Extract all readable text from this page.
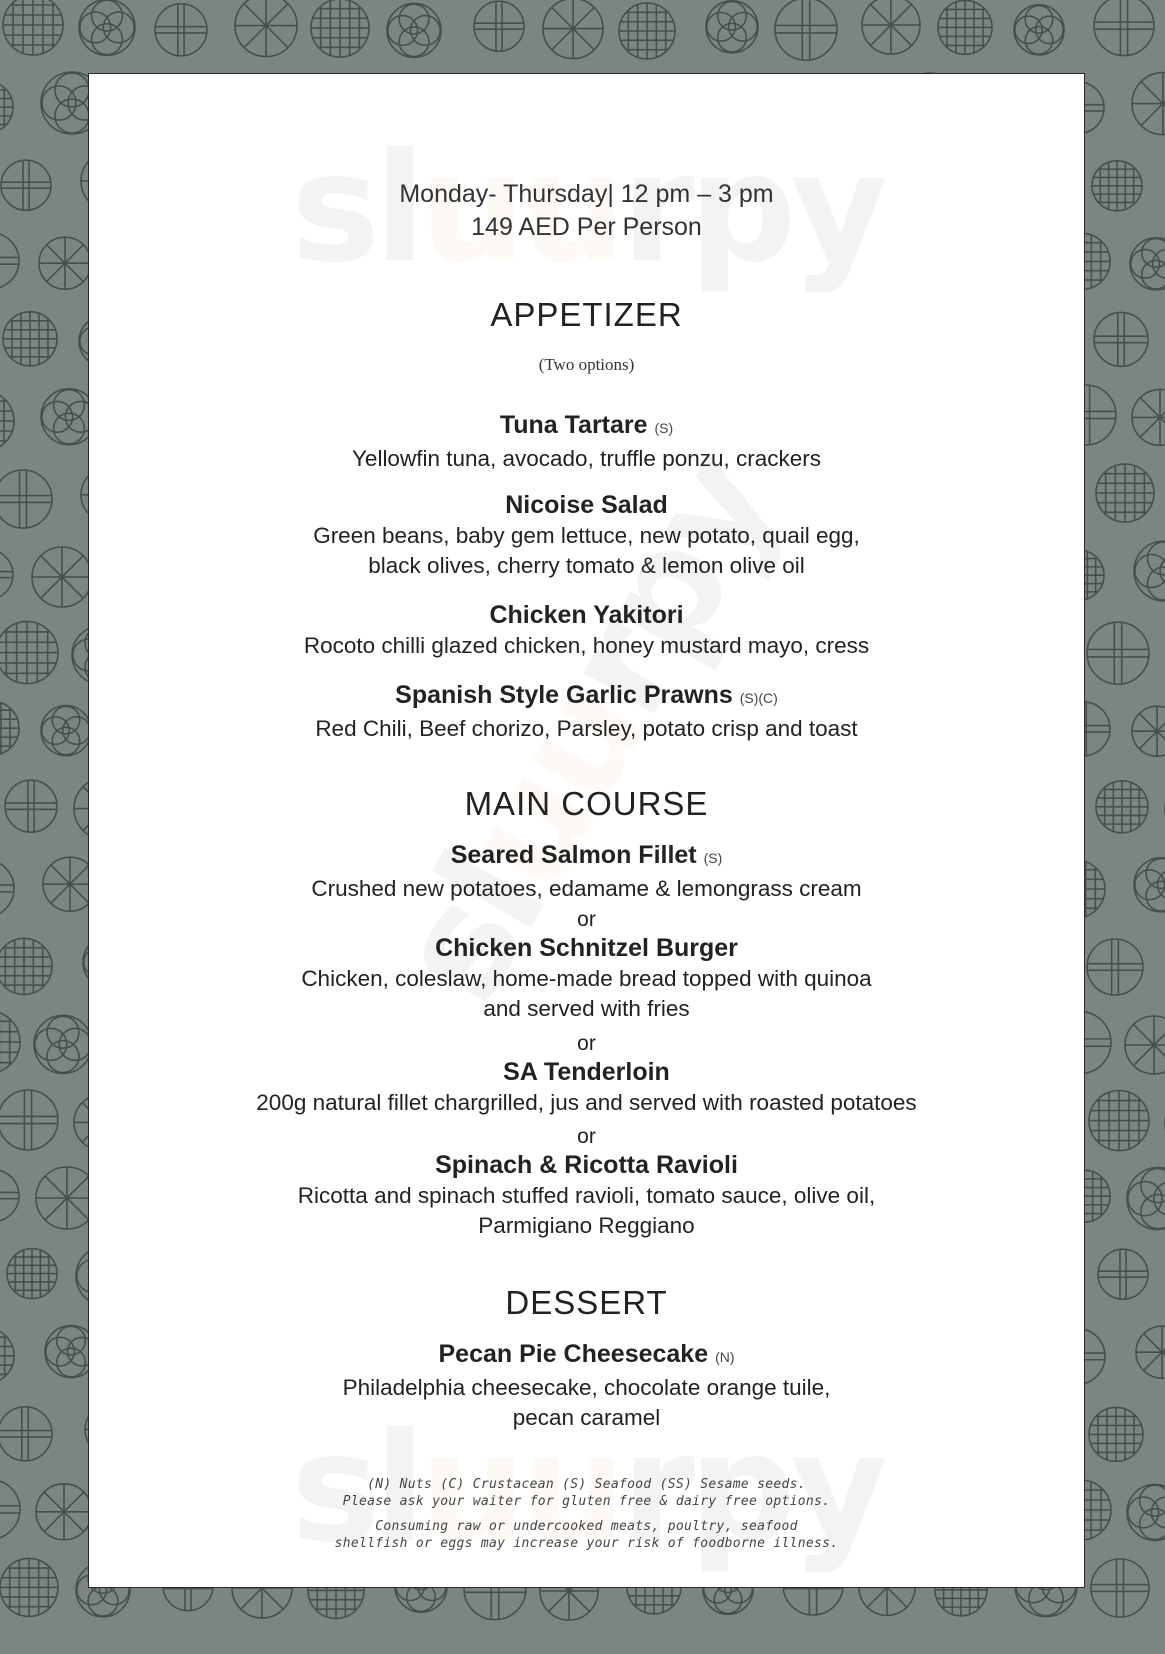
Monday- Thursday| 12 pm – 3 pm
149 AED Per Person
APPETIZER
(Two options)
Tuna Tartare (S)
Yellowfin tuna, avocado, truffle ponzu, crackers
Nicoise Salad
Green beans, baby gem lettuce, new potato, quail egg,
black olives, cherry tomato & lemon olive oil
Chicken Yakitori
Rocoto chilli glazed chicken, honey mustard mayo, cress
Spanish Style Garlic Prawns (S)(C)
Red Chili, Beef chorizo, Parsley, potato crisp and toast
MAIN COURSE
Seared Salmon Fillet (S)
Crushed new potatoes, edamame & lemongrass cream
or
Chicken Schnitzel Burger
Chicken, coleslaw, home-made bread topped with quinoa
and served with fries
or
SA Tenderloin
200g natural fillet chargrilled, jus and served with roasted potatoes
or
Spinach & Ricotta Ravioli
Ricotta and spinach stuffed ravioli, tomato sauce, olive oil,
Parmigiano Reggiano
DESSERT
Pecan Pie Cheesecake (N)
Philadelphia cheesecake, chocolate orange tuile,
pecan caramel
(N) Nuts (C) Crustacean (S) Seafood (SS) Sesame seeds.
Please ask your waiter for gluten free & dairy free options.
Consuming raw or undercooked meats, poultry, seafood
shellfish or eggs may increase your risk of foodborne illness.
